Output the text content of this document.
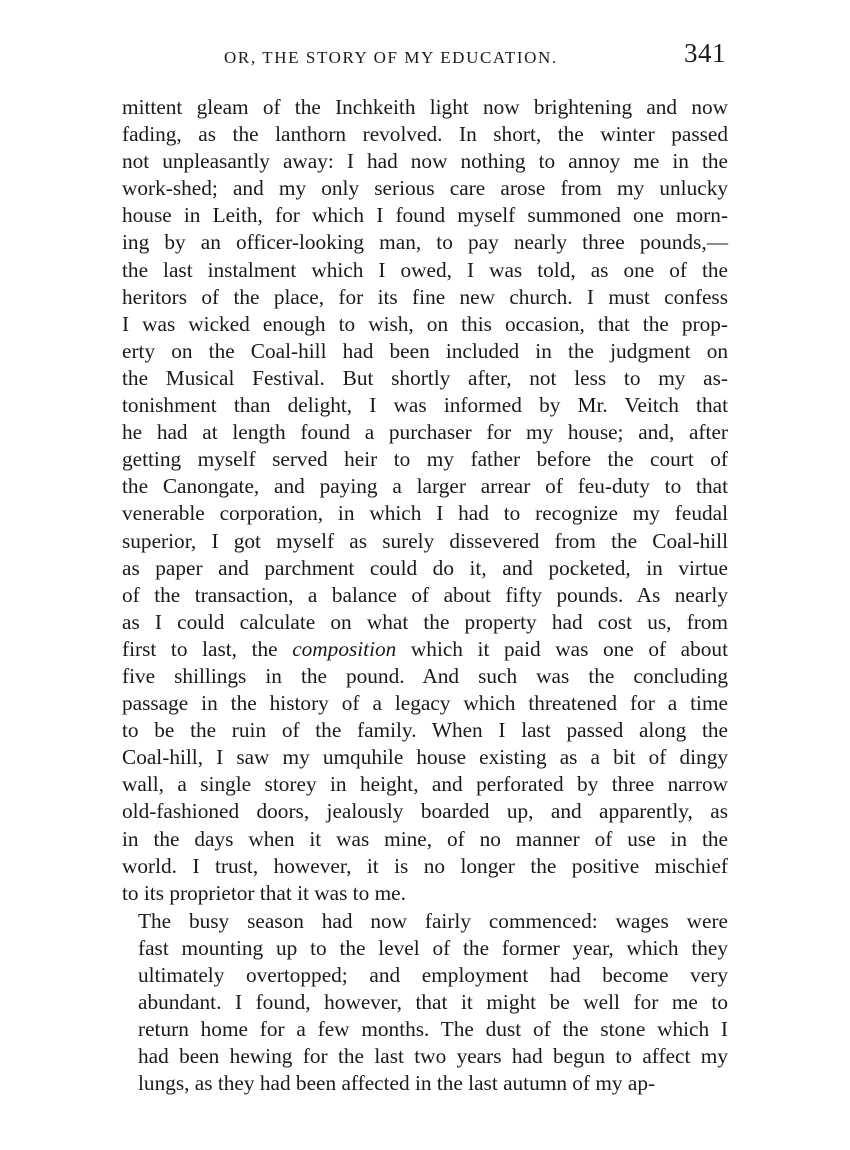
OR, THE STORY OF MY EDUCATION.	341

mittent gleam of the Inchkeith light now brightening and now
fading, as the lanthorn revolved. In short, the winter passed
not unpleasantly away: I had now nothing to annoy me in the
work-shed; and my only serious care arose from my unlucky
house in Leith, for which I found myself summoned one morn-
ing by an officer-looking man, to pay nearly three pounds,—
the last instalment which I owed, I was told, as one of the
heritors of the place, for its fine new church. I must confess
I was wicked enough to wish, on this occasion, that the prop-
erty on the Coal-hill had been included in the judgment on
the Musical Festival. But shortly after, not less to my as-
tonishment than delight, I was informed by Mr. Veitch that
he had at length found a purchaser for my house; and, after
getting myself served heir to my father before the court of
the Canongate, and paying a larger arrear of feu-duty to that
venerable corporation, in which I had to recognize my feudal
superior, I got myself as surely dissevered from the Coal-hill
as paper and parchment could do it, and pocketed, in virtue
of the transaction, a balance of about fifty pounds. As nearly
as I could calculate on what the property had cost us, from
first to last, the composition which it paid was one of about
five shillings in the pound. And such was the concluding
passage in the history of a legacy which threatened for a time
to be the ruin of the family. When I last passed along the
Coal-hill, I saw my umquhile house existing as a bit of dingy
wall, a single storey in height, and perforated by three narrow
old-fashioned doors, jealously boarded up, and apparently, as
in the days when it was mine, of no manner of use in the
world. I trust, however, it is no longer the positive mischief
to its proprietor that it was to me.

The busy season had now fairly commenced: wages were
fast mounting up to the level of the former year, which they
ultimately overtopped; and employment had become very
abundant. I found, however, that it might be well for me to
return home for a few months. The dust of the stone which I
had been hewing for the last two years had begun to affect my
lungs, as they had been affected in the last autumn of my ap-
